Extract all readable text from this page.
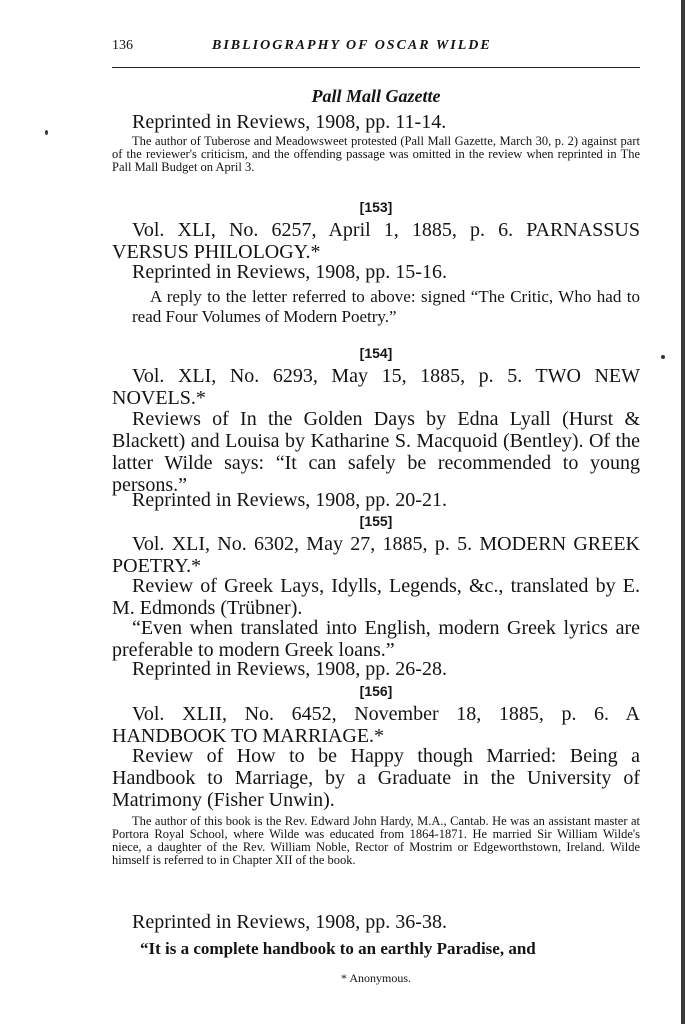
136	BIBLIOGRAPHY OF OSCAR WILDE
Pall Mall Gazette
Reprinted in Reviews, 1908, pp. 11-14.
The author of Tuberose and Meadowsweet protested (Pall Mall Gazette, March 30, p. 2) against part of the reviewer's criticism, and the offending passage was omitted in the review when reprinted in The Pall Mall Budget on April 3.
[153]
Vol. XLI, No. 6257, April 1, 1885, p. 6. PARNASSUS VERSUS PHILOLOGY.*
Reprinted in Reviews, 1908, pp. 15-16.
A reply to the letter referred to above: signed “The Critic, Who had to read Four Volumes of Modern Poetry.”
[154]
Vol. XLI, No. 6293, May 15, 1885, p. 5. TWO NEW NOVELS.*
Reviews of In the Golden Days by Edna Lyall (Hurst & Blackett) and Louisa by Katharine S. Macquoid (Bentley). Of the latter Wilde says: “It can safely be recommended to young persons.”
Reprinted in Reviews, 1908, pp. 20-21.
[155]
Vol. XLI, No. 6302, May 27, 1885, p. 5. MODERN GREEK POETRY.*
Review of Greek Lays, Idylls, Legends, &c., translated by E. M. Edmonds (Trübner).
“Even when translated into English, modern Greek lyrics are preferable to modern Greek loans.”
Reprinted in Reviews, 1908, pp. 26-28.
[156]
Vol. XLII, No. 6452, November 18, 1885, p. 6. A HANDBOOK TO MARRIAGE.*
Review of How to be Happy though Married: Being a Handbook to Marriage, by a Graduate in the University of Matrimony (Fisher Unwin).
The author of this book is the Rev. Edward John Hardy, M.A., Cantab. He was an assistant master at Portora Royal School, where Wilde was educated from 1864-1871. He married Sir William Wilde's niece, a daughter of the Rev. William Noble, Rector of Mostrim or Edgeworthstown, Ireland. Wilde himself is referred to in Chapter XII of the book.
Reprinted in Reviews, 1908, pp. 36-38.
“It is a complete handbook to an earthly Paradise, and
* Anonymous.
